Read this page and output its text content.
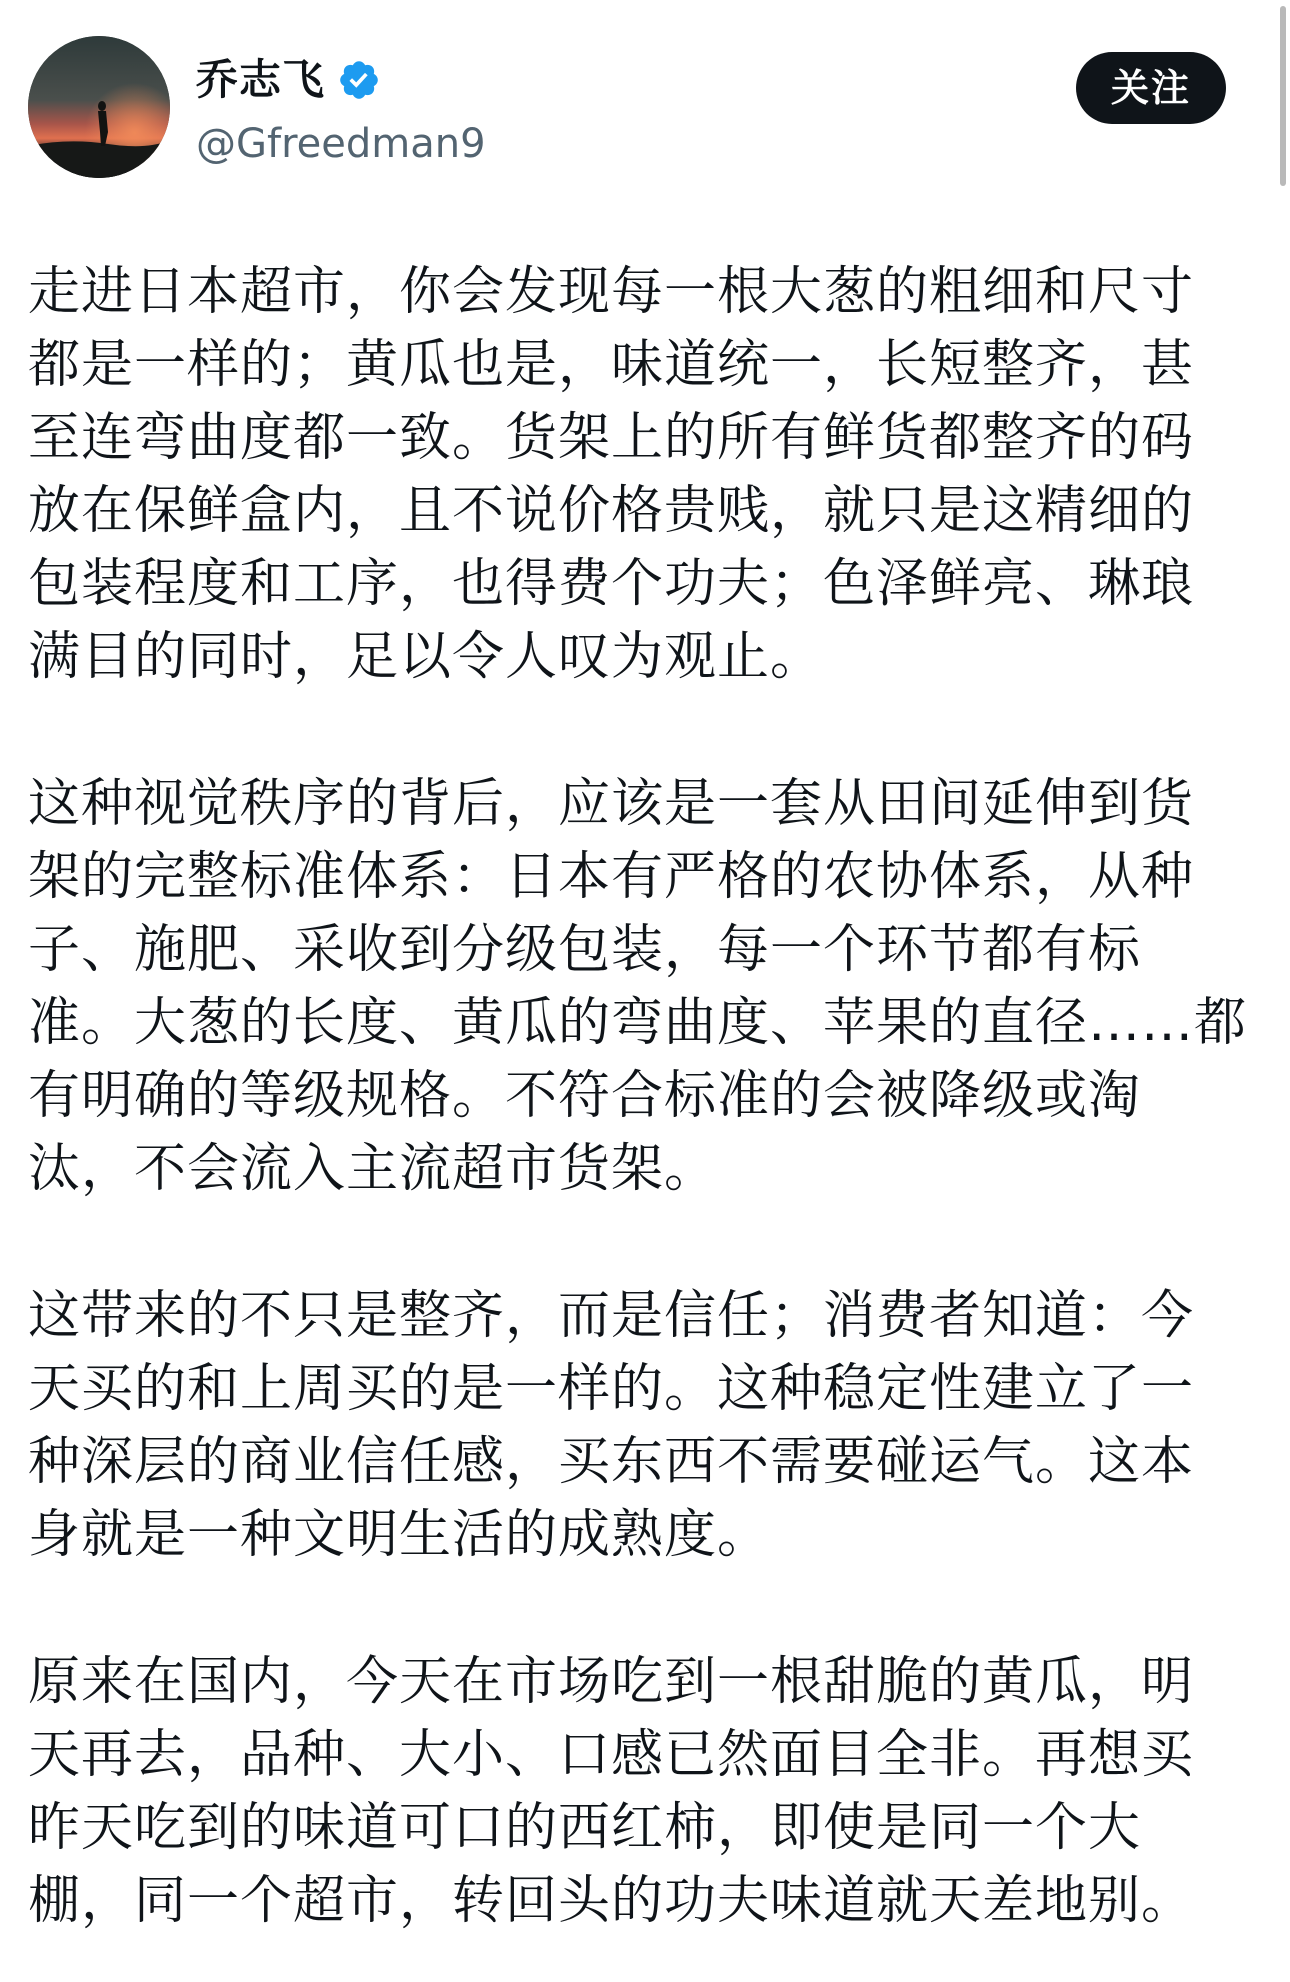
乔志飞
@Gfreedman9
关注
走进日本超市，你会发现每一根大葱的粗细和尺寸
都是一样的；黄瓜也是，味道统一，长短整齐，甚
至连弯曲度都一致。货架上的所有鲜货都整齐的码
放在保鲜盒内，且不说价格贵贱，就只是这精细的
包装程度和工序，也得费个功夫；色泽鲜亮、琳琅
满目的同时，足以令人叹为观止。
这种视觉秩序的背后，应该是一套从田间延伸到货
架的完整标准体系：日本有严格的农协体系，从种
子、施肥、采收到分级包装，每一个环节都有标
准。大葱的长度、黄瓜的弯曲度、苹果的直径……都
有明确的等级规格。不符合标准的会被降级或淘
汰，不会流入主流超市货架。
这带来的不只是整齐，而是信任；消费者知道：今
天买的和上周买的是一样的。这种稳定性建立了一
种深层的商业信任感，买东西不需要碰运气。这本
身就是一种文明生活的成熟度。
原来在国内，今天在市场吃到一根甜脆的黄瓜，明
天再去，品种、大小、口感已然面目全非。再想买
昨天吃到的味道可口的西红柿，即使是同一个大
棚，同一个超市，转回头的功夫味道就天差地别。
